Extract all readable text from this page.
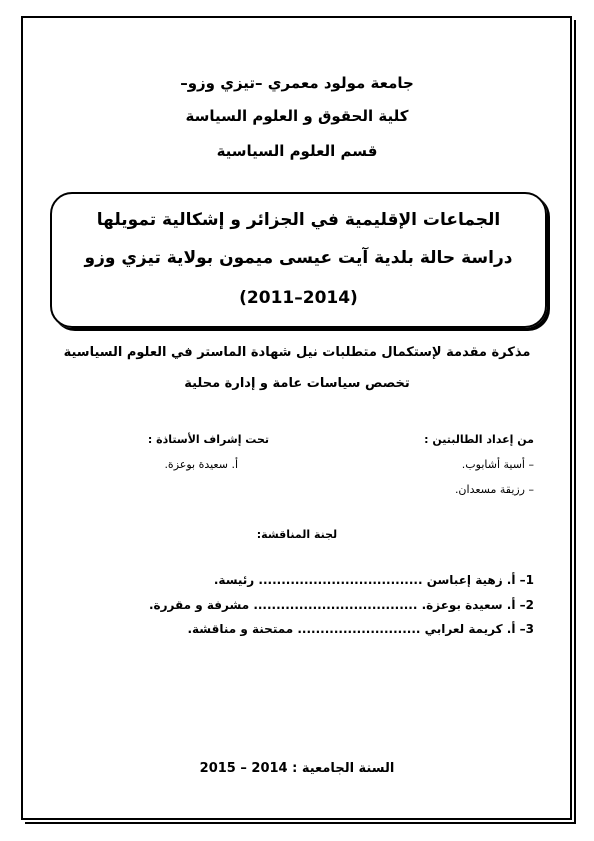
جامعة مولود معمري –تيزي وزو–
كلية الحقوق و العلوم السياسة
قسم العلوم السياسية
الجماعات الإقليمية في الجزائر و إشكالية تمويلها
دراسة حالة بلدية آيت عيسى ميمون بولاية تيزي وزو
(2011–2014)
مذكرة مقدمة لإستكمال متطلبات نيل شهادة الماستر في العلوم السياسية
تخصص سياسات عامة و إدارة محلية
من إعداد الطالبتين :
– أسية أشابوب.
– رزيقة مسعدان.
تحت إشراف الأستاذة :
أ. سعيدة بوعزة.
لجنة المناقشة:
1– أ. زهية إعباسن .................................... رئيسة.
2– أ. سعيدة بوعزة. .................................... مشرفة و مقررة.
3– أ. كريمة لعرابي ........................... ممتحنة و مناقشة.
السنة الجامعية : 2014 – 2015
